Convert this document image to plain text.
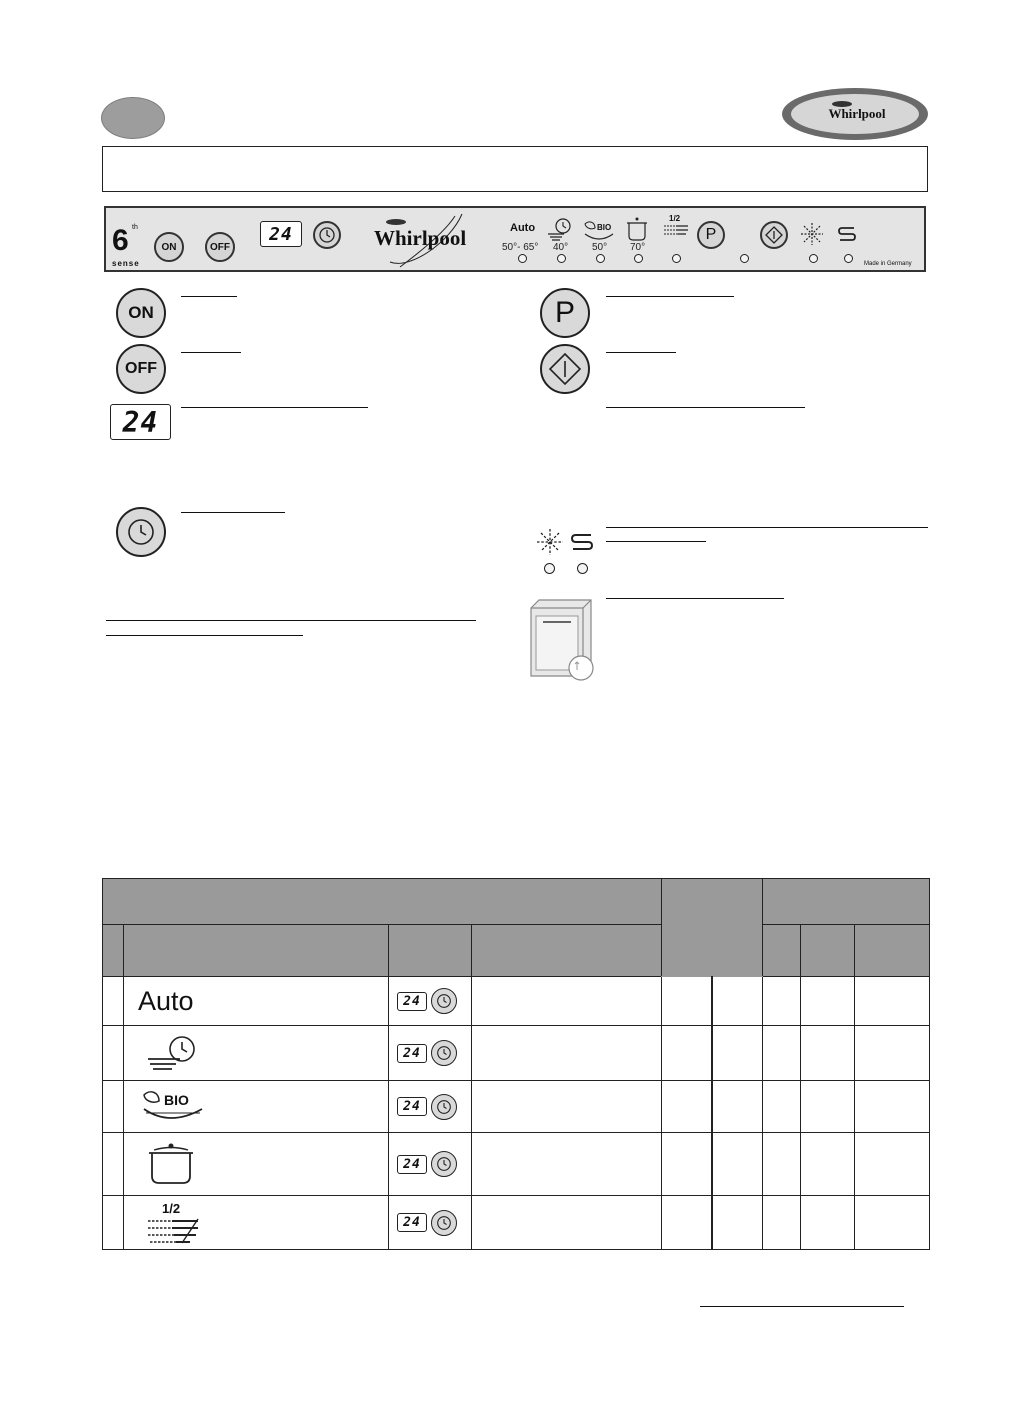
Whirlpool
6 th
sense
ON	OFF
24	Whirlpool	Auto	BIO
1/2
P
50°- 65° 40° 50° 70°
Made in Germany
ON
OFF
24
P

Auto	24						

24						

BIO	24						

24						

1/2	24						
